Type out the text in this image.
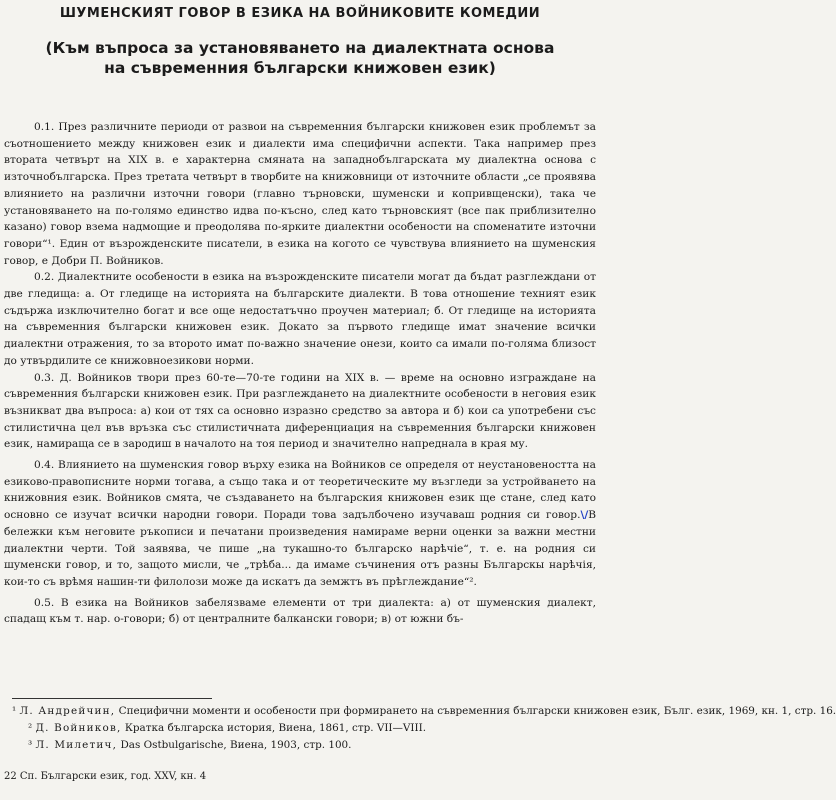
ШУМЕНСКИЯТ ГОВОР В ЕЗИКА НА ВОЙНИКОВИТЕ КОМЕДИИ
(Към въпроса за установяването на диалектната основа на съвременния български книжовен език)

0.1. През различните периоди от развои на съвременния български книжовен език проблемът за съотношението между книжовен език и диалекти има специфични аспекти. Така например през втората четвърт на XIX в. е характерна смяната на западнобългарската му диалектна основа с източнобългарска. През третата четвърт в творбите на книжовници от източните области „се проявява влиянието на различни източни говори (главно търновски, шуменски и копривщенски), така че установяването на по-голямо единство идва по-късно, след като търновският (все пак приблизително казано) говор взема надмощие и преодолява по-ярките диалектни особености на споменатите източни говори“¹. Един от възрожденските писатели, в езика на когото се чувствува влиянието на шуменския говор, е Добри П. Войников.

0.2. Диалектните особености в езика на възрожденските писатели могат да бъдат разглеждани от две гледища: а. От гледище на историята на българските диалекти. В това отношение техният език съдържа изключително богат и все още недостатъчно проучен материал; б. От гледище на историята на съвременния български книжовен език. Докато за първото гледище имат значение всички диалектни отражения, то за второто имат по-важно значение онези, които са имали по-голяма близост до утвърдилите се книжовноезикови норми.

0.3. Д. Войников твори през 60-те—70-те години на XIX в. — време на основно изграждане на съвременния български книжовен език. При разглеждането на диалектните особености в неговия език възникват два въпроса: а) кои от тях са основно изразно средство за автора и б) кои са употребени със стилистична цел във връзка със стилистичната диференциация на съвременния български книжовен език, намираща се в зародиш в началото на тоя период и значително напреднала в края му.

0.4. Влиянието на шуменския говор върху езика на Войников се определя от неустановеността на езиково-правописните норми тогава, а също така и от теоретическите му възгледи за устройването на книжовния език. Войников смята, че създаването на българския книжовен език ще стане, след като основно се изучат всички народни говори. Поради това задълбочено изучаваш родния си говор.\/В бележки към неговите ръкописи и печатани произведения намираме верни оценки за важни местни диалектни черти. Той заявява, че пише „на тукашно-то българско нарѣчіе“, т. е. на родния си шуменски говор, и то, защото мисли, че „трѣба... да имаме съчинения отъ разны Българскы нарѣчія, кои-то съ врѣмя нашин-ти филолози може да искатъ да земжтъ въ прѣглеждание“².

0.5. В езика на Войников забелязваме елементи от три диалекта: а) от шуменския диалект, спадащ към т. нар. о-говори; б) от централните балкански говори; в) от южни бъ-

¹ Л. Андрейчин, Специфични моменти и особености при формирането на съвременния български книжовен език, Бълг. език, 1969, кн. 1, стр. 16.
² Д. Войников, Кратка българска история, Виена, 1861, стр. VII—VIII.
³ Л. Милетич, Das Ostbulgarische, Виена, 1903, стр. 100.
22 Сп. Български език, год. XXV, кн. 4
